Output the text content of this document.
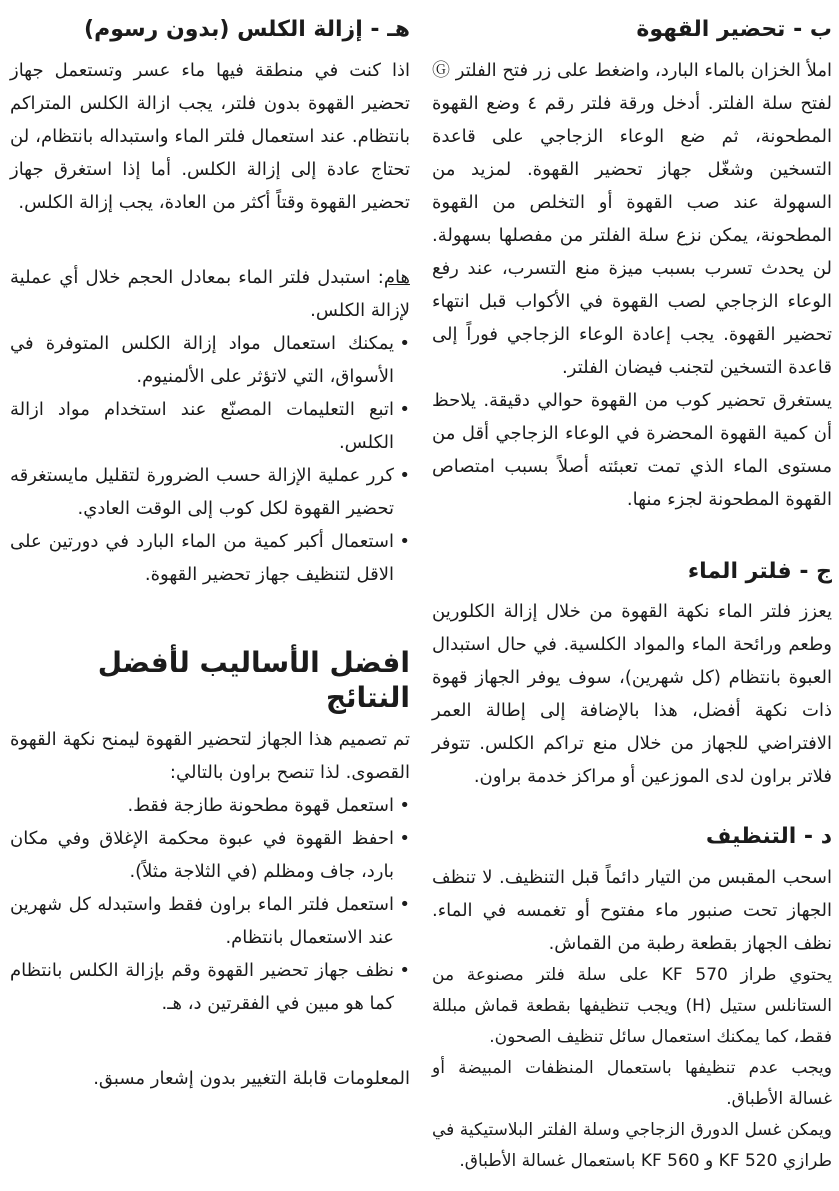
ب - تحضير القهوة

املأ الخزان بالماء البارد، واضغط على زر فتح الفلتر Ⓖ لفتح سلة الفلتر. أدخل ورقة فلتر رقم ٤ وضع القهوة المطحونة، ثم ضع الوعاء الزجاجي على قاعدة التسخين وشغّل جهاز تحضير القهوة. لمزيد من السهولة عند صب القهوة أو التخلص من القهوة المطحونة، يمكن نزع سلة الفلتر من مفصلها بسهولة. لن يحدث تسرب بسبب ميزة منع التسرب، عند رفع الوعاء الزجاجي لصب القهوة في الأكواب قبل انتهاء تحضير القهوة. يجب إعادة الوعاء الزجاجي فوراً إلى قاعدة التسخين لتجنب فيضان الفلتر.

يستغرق تحضير كوب من القهوة حوالي دقيقة. يلاحظ أن كمية القهوة المحضرة في الوعاء الزجاجي أقل من مستوى الماء الذي تمت تعبئته أصلاً بسبب امتصاص القهوة المطحونة لجزء منها.

ج - فلتر الماء

يعزز فلتر الماء نكهة القهوة من خلال إزالة الكلورين وطعم ورائحة الماء والمواد الكلسية. في حال استبدال العبوة بانتظام (كل شهرين)، سوف يوفر الجهاز قهوة ذات نكهة أفضل، هذا بالإضافة إلى إطالة العمر الافتراضي للجهاز من خلال منع تراكم الكلس. تتوفر فلاتر براون لدى الموزعين أو مراكز خدمة براون.

د - التنظيف

اسحب المقبس من التيار دائماً قبل التنظيف. لا تنظف الجهاز تحت صنبور ماء مفتوح أو تغمسه في الماء. نظف الجهاز بقطعة رطبة من القماش.

يحتوي طراز KF 570 على سلة فلتر مصنوعة من الستانلس ستيل (H) ويجب تنظيفها بقطعة قماش مبللة فقط، كما يمكنك استعمال سائل تنظيف الصحون.

ويجب عدم تنظيفها باستعمال المنظفات المبيضة أو غسالة الأطباق.

ويمكن غسل الدورق الزجاجي وسلة الفلتر البلاستيكية في طرازي KF 520 و KF 560 باستعمال غسالة الأطباق.

هـ - إزالة الكلس (بدون رسوم)

اذا كنت في منطقة فيها ماء عسر وتستعمل جهاز تحضير القهوة بدون فلتر، يجب ازالة الكلس المتراكم بانتظام. عند استعمال فلتر الماء واستبداله بانتظام، لن تحتاج عادة إلى إزالة الكلس. أما إذا استغرق جهاز تحضير القهوة وقتاً أكثر من العادة، يجب إزالة الكلس.

هام: استبدل فلتر الماء بمعادل الحجم خلال أي عملية لإزالة الكلس.

•
يمكنك استعمال مواد إزالة الكلس المتوفرة في الأسواق، التي لاتؤثر على الألمنيوم.
•
اتبع التعليمات المصنّع عند استخدام مواد ازالة الكلس.
•
كرر عملية الإزالة حسب الضرورة لتقليل مايستغرقه تحضير القهوة لكل كوب إلى الوقت العادي.
•
استعمال أكبر كمية من الماء البارد في دورتين على الاقل لتنظيف جهاز تحضير القهوة.
افضل الأساليب لأفضل النتائج

تم تصميم هذا الجهاز لتحضير القهوة ليمنح نكهة القهوة القصوى. لذا تنصح براون بالتالي:

•
استعمل قهوة مطحونة طازجة فقط.
•
احفظ القهوة في عبوة محكمة الإغلاق وفي مكان بارد، جاف ومظلم (في الثلاجة مثلاً).
•
استعمل فلتر الماء براون فقط واستبدله كل شهرين عند الاستعمال بانتظام.
•
نظف جهاز تحضير القهوة وقم بإزالة الكلس بانتظام كما هو مبين في الفقرتين د، هـ.

المعلومات قابلة التغيير بدون إشعار مسبق.
